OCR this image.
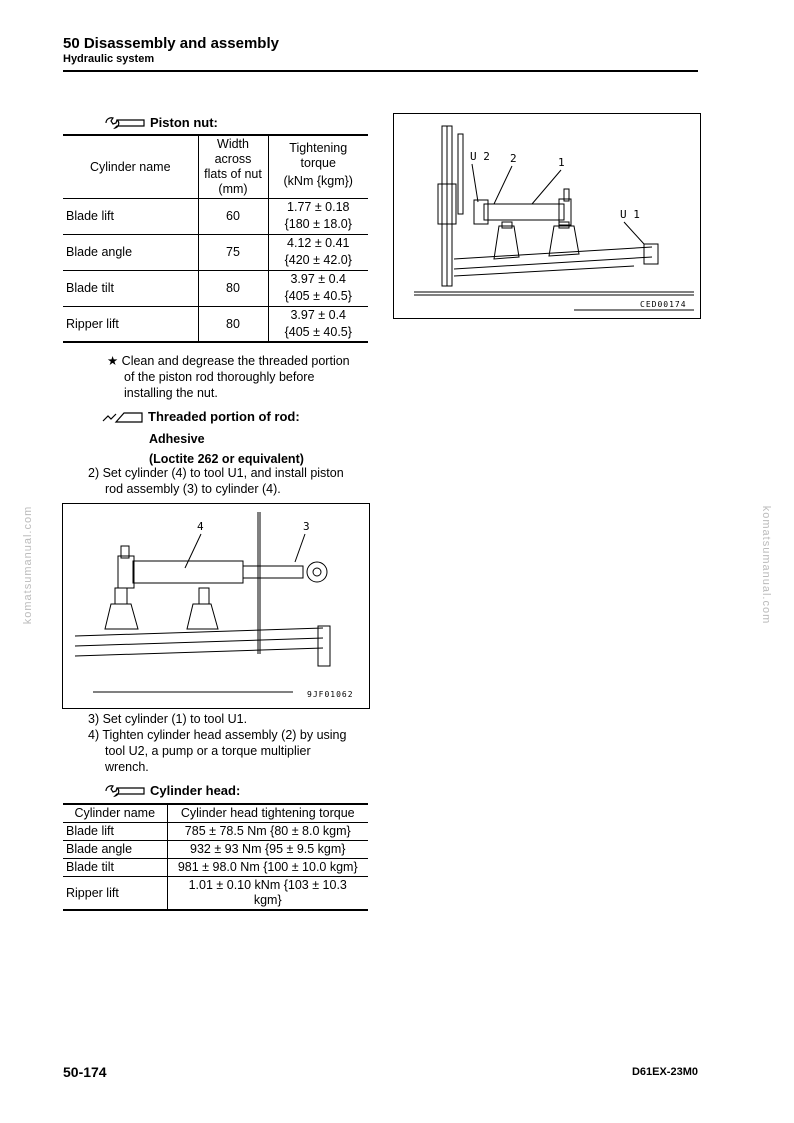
50 Disassembly and assembly
Hydraulic system
komatsumanual.com	komatsumanual.com
Piston nut:
Cylinder name	Width
across
flats of nut
(mm)	Tightening
torque
(kNm {kgm})

Blade lift	60	1.77 ± 0.18
{180 ± 18.0}

Blade angle	75	4.12 ± 0.41
{420 ± 42.0}

Blade tilt	80	3.97 ± 0.4
{405 ± 40.5}

Ripper lift	80	3.97 ± 0.4
{405 ± 40.5}
★ Clean and degrease the threaded portion
of the piston rod thoroughly before
installing the nut.
Threaded portion of rod:
Adhesive
(Loctite 262 or equivalent)
2) Set cylinder (4) to tool U1, and install piston
rod assembly (3) to cylinder (4).
U 2 2	1
U 1
CED00174
4	3
9JF01062
3) Set cylinder (1) to tool U1.
4) Tighten cylinder head assembly (2) by using
tool U2, a pump or a torque multiplier
wrench.
Cylinder head:
Cylinder name	Cylinder head tightening torque
Blade lift	785 ± 78.5 Nm {80 ± 8.0 kgm}
Blade angle	932 ± 93 Nm {95 ± 9.5 kgm}
Blade tilt	981 ± 98.0 Nm {100 ± 10.0 kgm}
Ripper lift	1.01 ± 0.10 kNm {103 ± 10.3
kgm}
50-174	D61EX-23M0
